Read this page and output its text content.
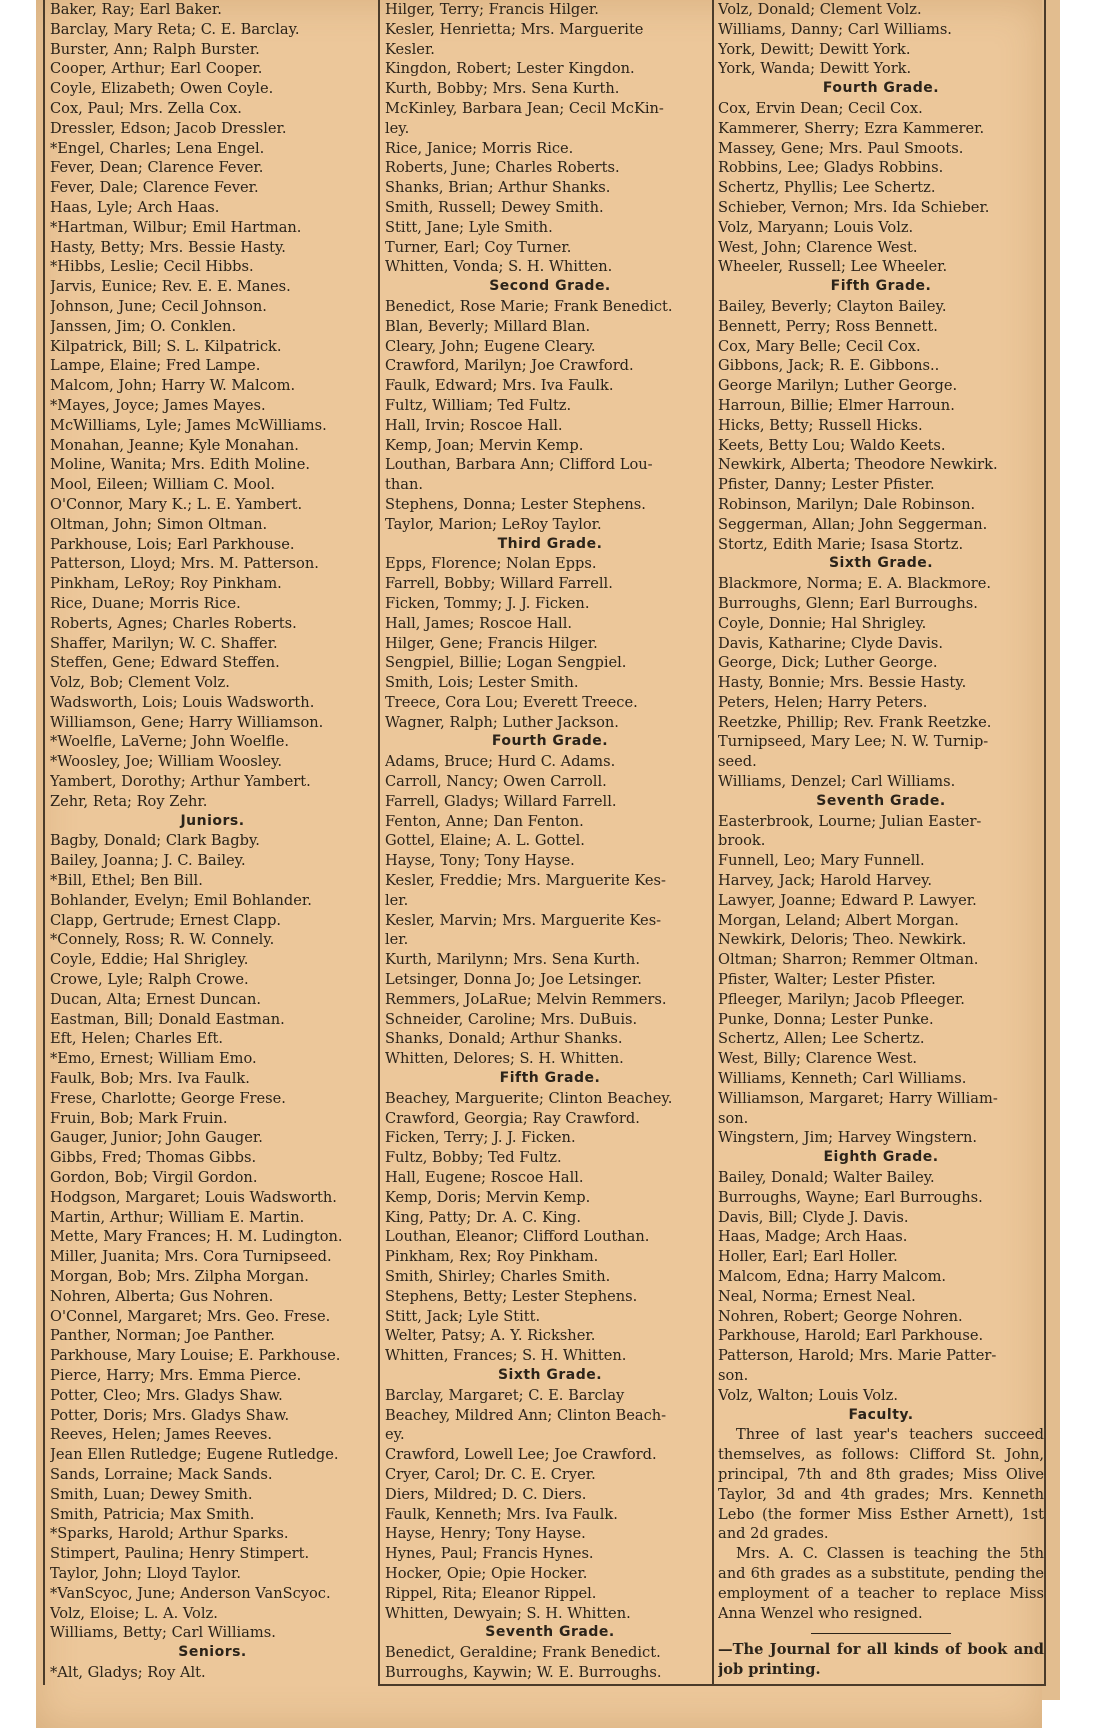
Baker, Ray; Earl Baker.
Barclay, Mary Reta; C. E. Barclay.
Burster, Ann; Ralph Burster.
Cooper, Arthur; Earl Cooper.
Coyle, Elizabeth; Owen Coyle.
Cox, Paul; Mrs. Zella Cox.
Dressler, Edson; Jacob Dressler.
*Engel, Charles; Lena Engel.
Fever, Dean; Clarence Fever.
Fever, Dale; Clarence Fever.
Haas, Lyle; Arch Haas.
*Hartman, Wilbur; Emil Hartman.
Hasty, Betty; Mrs. Bessie Hasty.
*Hibbs, Leslie; Cecil Hibbs.
Jarvis, Eunice; Rev. E. E. Manes.
Johnson, June; Cecil Johnson.
Janssen, Jim; O. Conklen.
Kilpatrick, Bill; S. L. Kilpatrick.
Lampe, Elaine; Fred Lampe.
Malcom, John; Harry W. Malcom.
*Mayes, Joyce; James Mayes.
McWilliams, Lyle; James McWilliams.
Monahan, Jeanne; Kyle Monahan.
Moline, Wanita; Mrs. Edith Moline.
Mool, Eileen; William C. Mool.
O'Connor, Mary K.; L. E. Yambert.
Oltman, John; Simon Oltman.
Parkhouse, Lois; Earl Parkhouse.
Patterson, Lloyd; Mrs. M. Patterson.
Pinkham, LeRoy; Roy Pinkham.
Rice, Duane; Morris Rice.
Roberts, Agnes; Charles Roberts.
Shaffer, Marilyn; W. C. Shaffer.
Steffen, Gene; Edward Steffen.
Volz, Bob; Clement Volz.
Wadsworth, Lois; Louis Wadsworth.
Williamson, Gene; Harry Williamson.
*Woelfle, LaVerne; John Woelfle.
*Woosley, Joe; William Woosley.
Yambert, Dorothy; Arthur Yambert.
Zehr, Reta; Roy Zehr.
Juniors.
Bagby, Donald; Clark Bagby.
Bailey, Joanna; J. C. Bailey.
*Bill, Ethel; Ben Bill.
Bohlander, Evelyn; Emil Bohlander.
Clapp, Gertrude; Ernest Clapp.
*Connely, Ross; R. W. Connely.
Coyle, Eddie; Hal Shrigley.
Crowe, Lyle; Ralph Crowe.
Ducan, Alta; Ernest Duncan.
Eastman, Bill; Donald Eastman.
Eft, Helen; Charles Eft.
*Emo, Ernest; William Emo.
Faulk, Bob; Mrs. Iva Faulk.
Frese, Charlotte; George Frese.
Fruin, Bob; Mark Fruin.
Gauger, Junior; John Gauger.
Gibbs, Fred; Thomas Gibbs.
Gordon, Bob; Virgil Gordon.
Hodgson, Margaret; Louis Wadsworth.
Martin, Arthur; William E. Martin.
Mette, Mary Frances; H. M. Ludington.
Miller, Juanita; Mrs. Cora Turnipseed.
Morgan, Bob; Mrs. Zilpha Morgan.
Nohren, Alberta; Gus Nohren.
O'Connel, Margaret; Mrs. Geo. Frese.
Panther, Norman; Joe Panther.
Parkhouse, Mary Louise; E. Parkhouse.
Pierce, Harry; Mrs. Emma Pierce.
Potter, Cleo; Mrs. Gladys Shaw.
Potter, Doris; Mrs. Gladys Shaw.
Reeves, Helen; James Reeves.
Jean Ellen Rutledge; Eugene Rutledge.
Sands, Lorraine; Mack Sands.
Smith, Luan; Dewey Smith.
Smith, Patricia; Max Smith.
*Sparks, Harold; Arthur Sparks.
Stimpert, Paulina; Henry Stimpert.
Taylor, John; Lloyd Taylor.
*VanScyoc, June; Anderson VanScyoc.
Volz, Eloise; L. A. Volz.
Williams, Betty; Carl Williams.
Seniors.
*Alt, Gladys; Roy Alt.
Hilger, Terry; Francis Hilger.
Kesler, Henrietta; Mrs. Marguerite
Kesler.
Kingdon, Robert; Lester Kingdon.
Kurth, Bobby; Mrs. Sena Kurth.
McKinley, Barbara Jean; Cecil McKin-
ley.
Rice, Janice; Morris Rice.
Roberts, June; Charles Roberts.
Shanks, Brian; Arthur Shanks.
Smith, Russell; Dewey Smith.
Stitt, Jane; Lyle Smith.
Turner, Earl; Coy Turner.
Whitten, Vonda; S. H. Whitten.
Second Grade.
Benedict, Rose Marie; Frank Benedict.
Blan, Beverly; Millard Blan.
Cleary, John; Eugene Cleary.
Crawford, Marilyn; Joe Crawford.
Faulk, Edward; Mrs. Iva Faulk.
Fultz, William; Ted Fultz.
Hall, Irvin; Roscoe Hall.
Kemp, Joan; Mervin Kemp.
Louthan, Barbara Ann; Clifford Lou-
than.
Stephens, Donna; Lester Stephens.
Taylor, Marion; LeRoy Taylor.
Third Grade.
Epps, Florence; Nolan Epps.
Farrell, Bobby; Willard Farrell.
Ficken, Tommy; J. J. Ficken.
Hall, James; Roscoe Hall.
Hilger, Gene; Francis Hilger.
Sengpiel, Billie; Logan Sengpiel.
Smith, Lois; Lester Smith.
Treece, Cora Lou; Everett Treece.
Wagner, Ralph; Luther Jackson.
Fourth Grade.
Adams, Bruce; Hurd C. Adams.
Carroll, Nancy; Owen Carroll.
Farrell, Gladys; Willard Farrell.
Fenton, Anne; Dan Fenton.
Gottel, Elaine; A. L. Gottel.
Hayse, Tony; Tony Hayse.
Kesler, Freddie; Mrs. Marguerite Kes-
ler.
Kesler, Marvin; Mrs. Marguerite Kes-
ler.
Kurth, Marilynn; Mrs. Sena Kurth.
Letsinger, Donna Jo; Joe Letsinger.
Remmers, JoLaRue; Melvin Remmers.
Schneider, Caroline; Mrs. DuBuis.
Shanks, Donald; Arthur Shanks.
Whitten, Delores; S. H. Whitten.
Fifth Grade.
Beachey, Marguerite; Clinton Beachey.
Crawford, Georgia; Ray Crawford.
Ficken, Terry; J. J. Ficken.
Fultz, Bobby; Ted Fultz.
Hall, Eugene; Roscoe Hall.
Kemp, Doris; Mervin Kemp.
King, Patty; Dr. A. C. King.
Louthan, Eleanor; Clifford Louthan.
Pinkham, Rex; Roy Pinkham.
Smith, Shirley; Charles Smith.
Stephens, Betty; Lester Stephens.
Stitt, Jack; Lyle Stitt.
Welter, Patsy; A. Y. Ricksher.
Whitten, Frances; S. H. Whitten.
Sixth Grade.
Barclay, Margaret; C. E. Barclay
Beachey, Mildred Ann; Clinton Beach-
ey.
Crawford, Lowell Lee; Joe Crawford.
Cryer, Carol; Dr. C. E. Cryer.
Diers, Mildred; D. C. Diers.
Faulk, Kenneth; Mrs. Iva Faulk.
Hayse, Henry; Tony Hayse.
Hynes, Paul; Francis Hynes.
Hocker, Opie; Opie Hocker.
Rippel, Rita; Eleanor Rippel.
Whitten, Dewyain; S. H. Whitten.
Seventh Grade.
Benedict, Geraldine; Frank Benedict.
Burroughs, Kaywin; W. E. Burroughs.
Volz, Donald; Clement Volz.
Williams, Danny; Carl Williams.
York, Dewitt; Dewitt York.
York, Wanda; Dewitt York.
Fourth Grade.
Cox, Ervin Dean; Cecil Cox.
Kammerer, Sherry; Ezra Kammerer.
Massey, Gene; Mrs. Paul Smoots.
Robbins, Lee; Gladys Robbins.
Schertz, Phyllis; Lee Schertz.
Schieber, Vernon; Mrs. Ida Schieber.
Volz, Maryann; Louis Volz.
West, John; Clarence West.
Wheeler, Russell; Lee Wheeler.
Fifth Grade.
Bailey, Beverly; Clayton Bailey.
Bennett, Perry; Ross Bennett.
Cox, Mary Belle; Cecil Cox.
Gibbons, Jack; R. E. Gibbons..
George Marilyn; Luther George.
Harroun, Billie; Elmer Harroun.
Hicks, Betty; Russell Hicks.
Keets, Betty Lou; Waldo Keets.
Newkirk, Alberta; Theodore Newkirk.
Pfister, Danny; Lester Pfister.
Robinson, Marilyn; Dale Robinson.
Seggerman, Allan; John Seggerman.
Stortz, Edith Marie; Isasa Stortz.
Sixth Grade.
Blackmore, Norma; E. A. Blackmore.
Burroughs, Glenn; Earl Burroughs.
Coyle, Donnie; Hal Shrigley.
Davis, Katharine; Clyde Davis.
George, Dick; Luther George.
Hasty, Bonnie; Mrs. Bessie Hasty.
Peters, Helen; Harry Peters.
Reetzke, Phillip; Rev. Frank Reetzke.
Turnipseed, Mary Lee; N. W. Turnip-
seed.
Williams, Denzel; Carl Williams.
Seventh Grade.
Easterbrook, Lourne; Julian Easter-
brook.
Funnell, Leo; Mary Funnell.
Harvey, Jack; Harold Harvey.
Lawyer, Joanne; Edward P. Lawyer.
Morgan, Leland; Albert Morgan.
Newkirk, Deloris; Theo. Newkirk.
Oltman; Sharron; Remmer Oltman.
Pfister, Walter; Lester Pfister.
Pfleeger, Marilyn; Jacob Pfleeger.
Punke, Donna; Lester Punke.
Schertz, Allen; Lee Schertz.
West, Billy; Clarence West.
Williams, Kenneth; Carl Williams.
Williamson, Margaret; Harry William-
son.
Wingstern, Jim; Harvey Wingstern.
Eighth Grade.
Bailey, Donald; Walter Bailey.
Burroughs, Wayne; Earl Burroughs.
Davis, Bill; Clyde J. Davis.
Haas, Madge; Arch Haas.
Holler, Earl; Earl Holler.
Malcom, Edna; Harry Malcom.
Neal, Norma; Ernest Neal.
Nohren, Robert; George Nohren.
Parkhouse, Harold; Earl Parkhouse.
Patterson, Harold; Mrs. Marie Patter-
son.
Volz, Walton; Louis Volz.
Faculty.

Three of last year's teachers succeed themselves, as follows: Clifford St. John, principal, 7th and 8th grades; Miss Olive Taylor, 3d and 4th grades; Mrs. Kenneth Lebo (the former Miss Esther Arnett), 1st and 2d grades.

Mrs. A. C. Classen is teaching the 5th and 6th grades as a substitute, pending the employment of a teacher to replace Miss Anna Wenzel who resigned.

—The Journal for all kinds of book and job printing.
